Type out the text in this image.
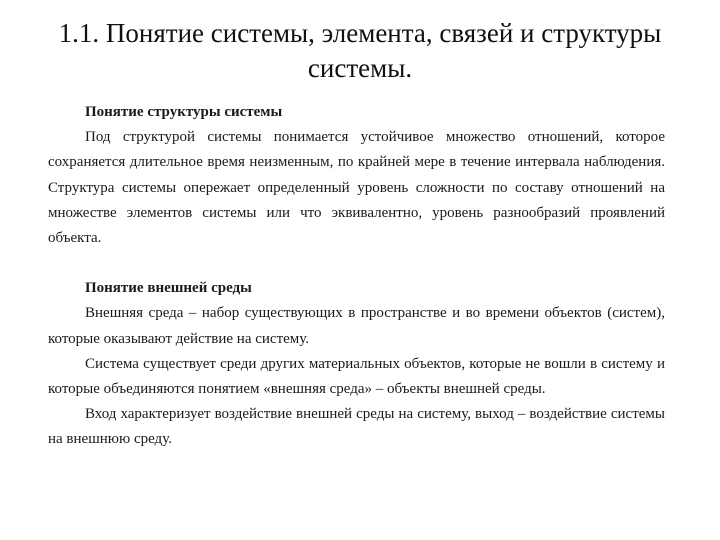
1.1. Понятие системы, элемента, связей и структуры системы.

Понятие структуры системы

Под структурой системы понимается устойчивое множество отношений, которое сохраняется длительное время неизменным, по крайней мере в течение интервала наблюдения. Структура системы опережает определенный уровень сложности по составу отношений на множестве элементов системы или что эквивалентно, уровень разнообразий проявлений объекта.

Понятие внешней среды

Внешняя среда – набор существующих в пространстве и во времени объектов (систем), которые оказывают действие на систему.

Система существует среди других материальных объектов, которые не вошли в систему и которые объединяются понятием «внешняя среда» – объекты внешней среды.

Вход характеризует воздействие внешней среды на систему, выход – воздействие системы на внешнюю среду.
